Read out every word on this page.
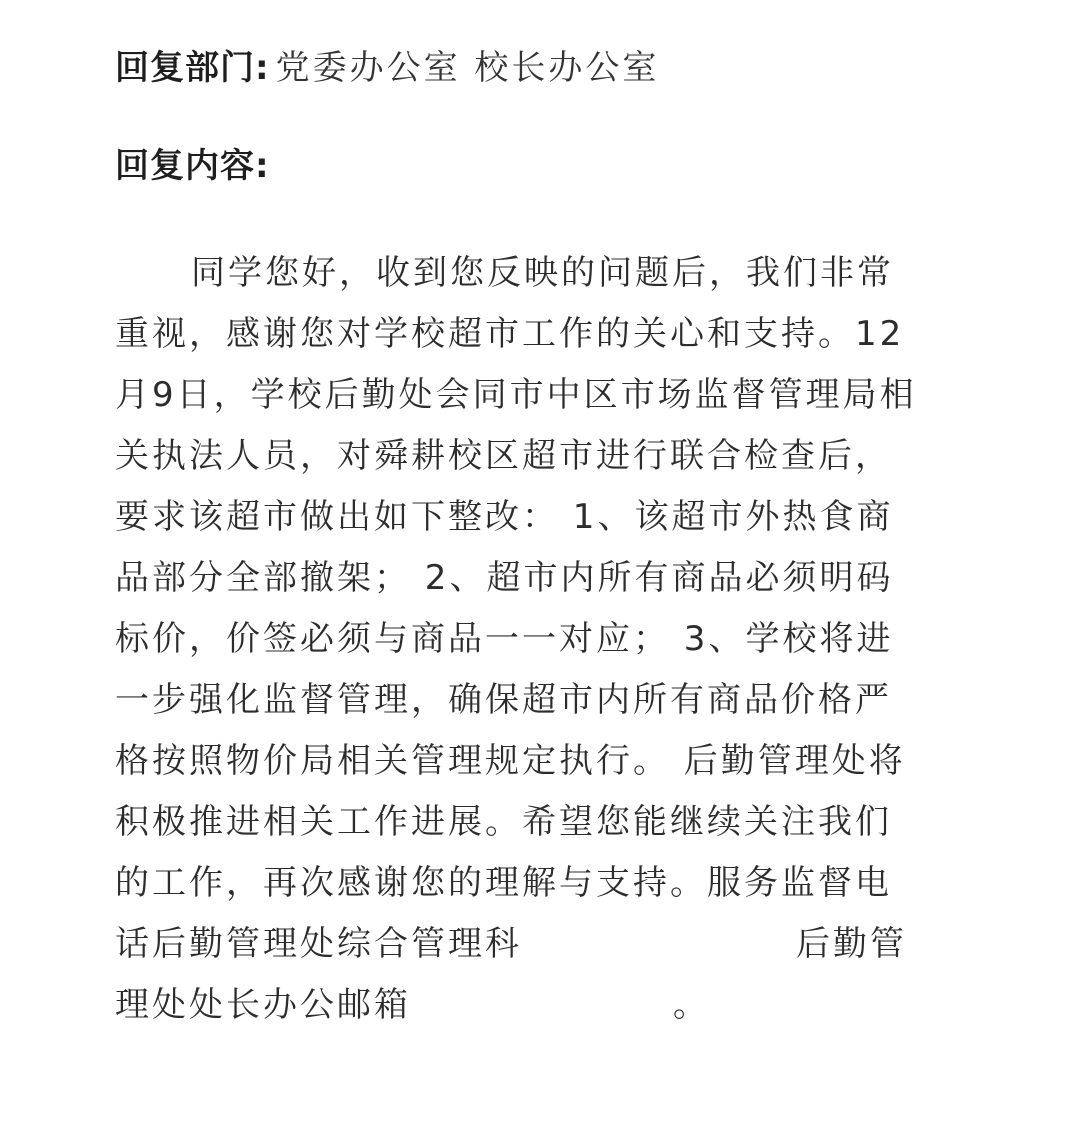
回复部门: 党委办公室 校长办公室
回复内容:
同学您好，收到您反映的问题后，我们非常
重视，感谢您对学校超市工作的关心和支持。12
月9日，学校后勤处会同市中区市场监督管理局相
关执法人员，对舜耕校区超市进行联合检查后，
要求该超市做出如下整改： 1、该超市外热食商
品部分全部撤架； 2、超市内所有商品必须明码
标价，价签必须与商品一一对应； 3、学校将进
一步强化监督管理，确保超市内所有商品价格严
格按照物价局相关管理规定执行。 后勤管理处将
积极推进相关工作进展。希望您能继续关注我们
的工作，再次感谢您的理解与支持。服务监督电
话后勤管理处综合管理科	后勤管
理处处长办公邮箱	。
